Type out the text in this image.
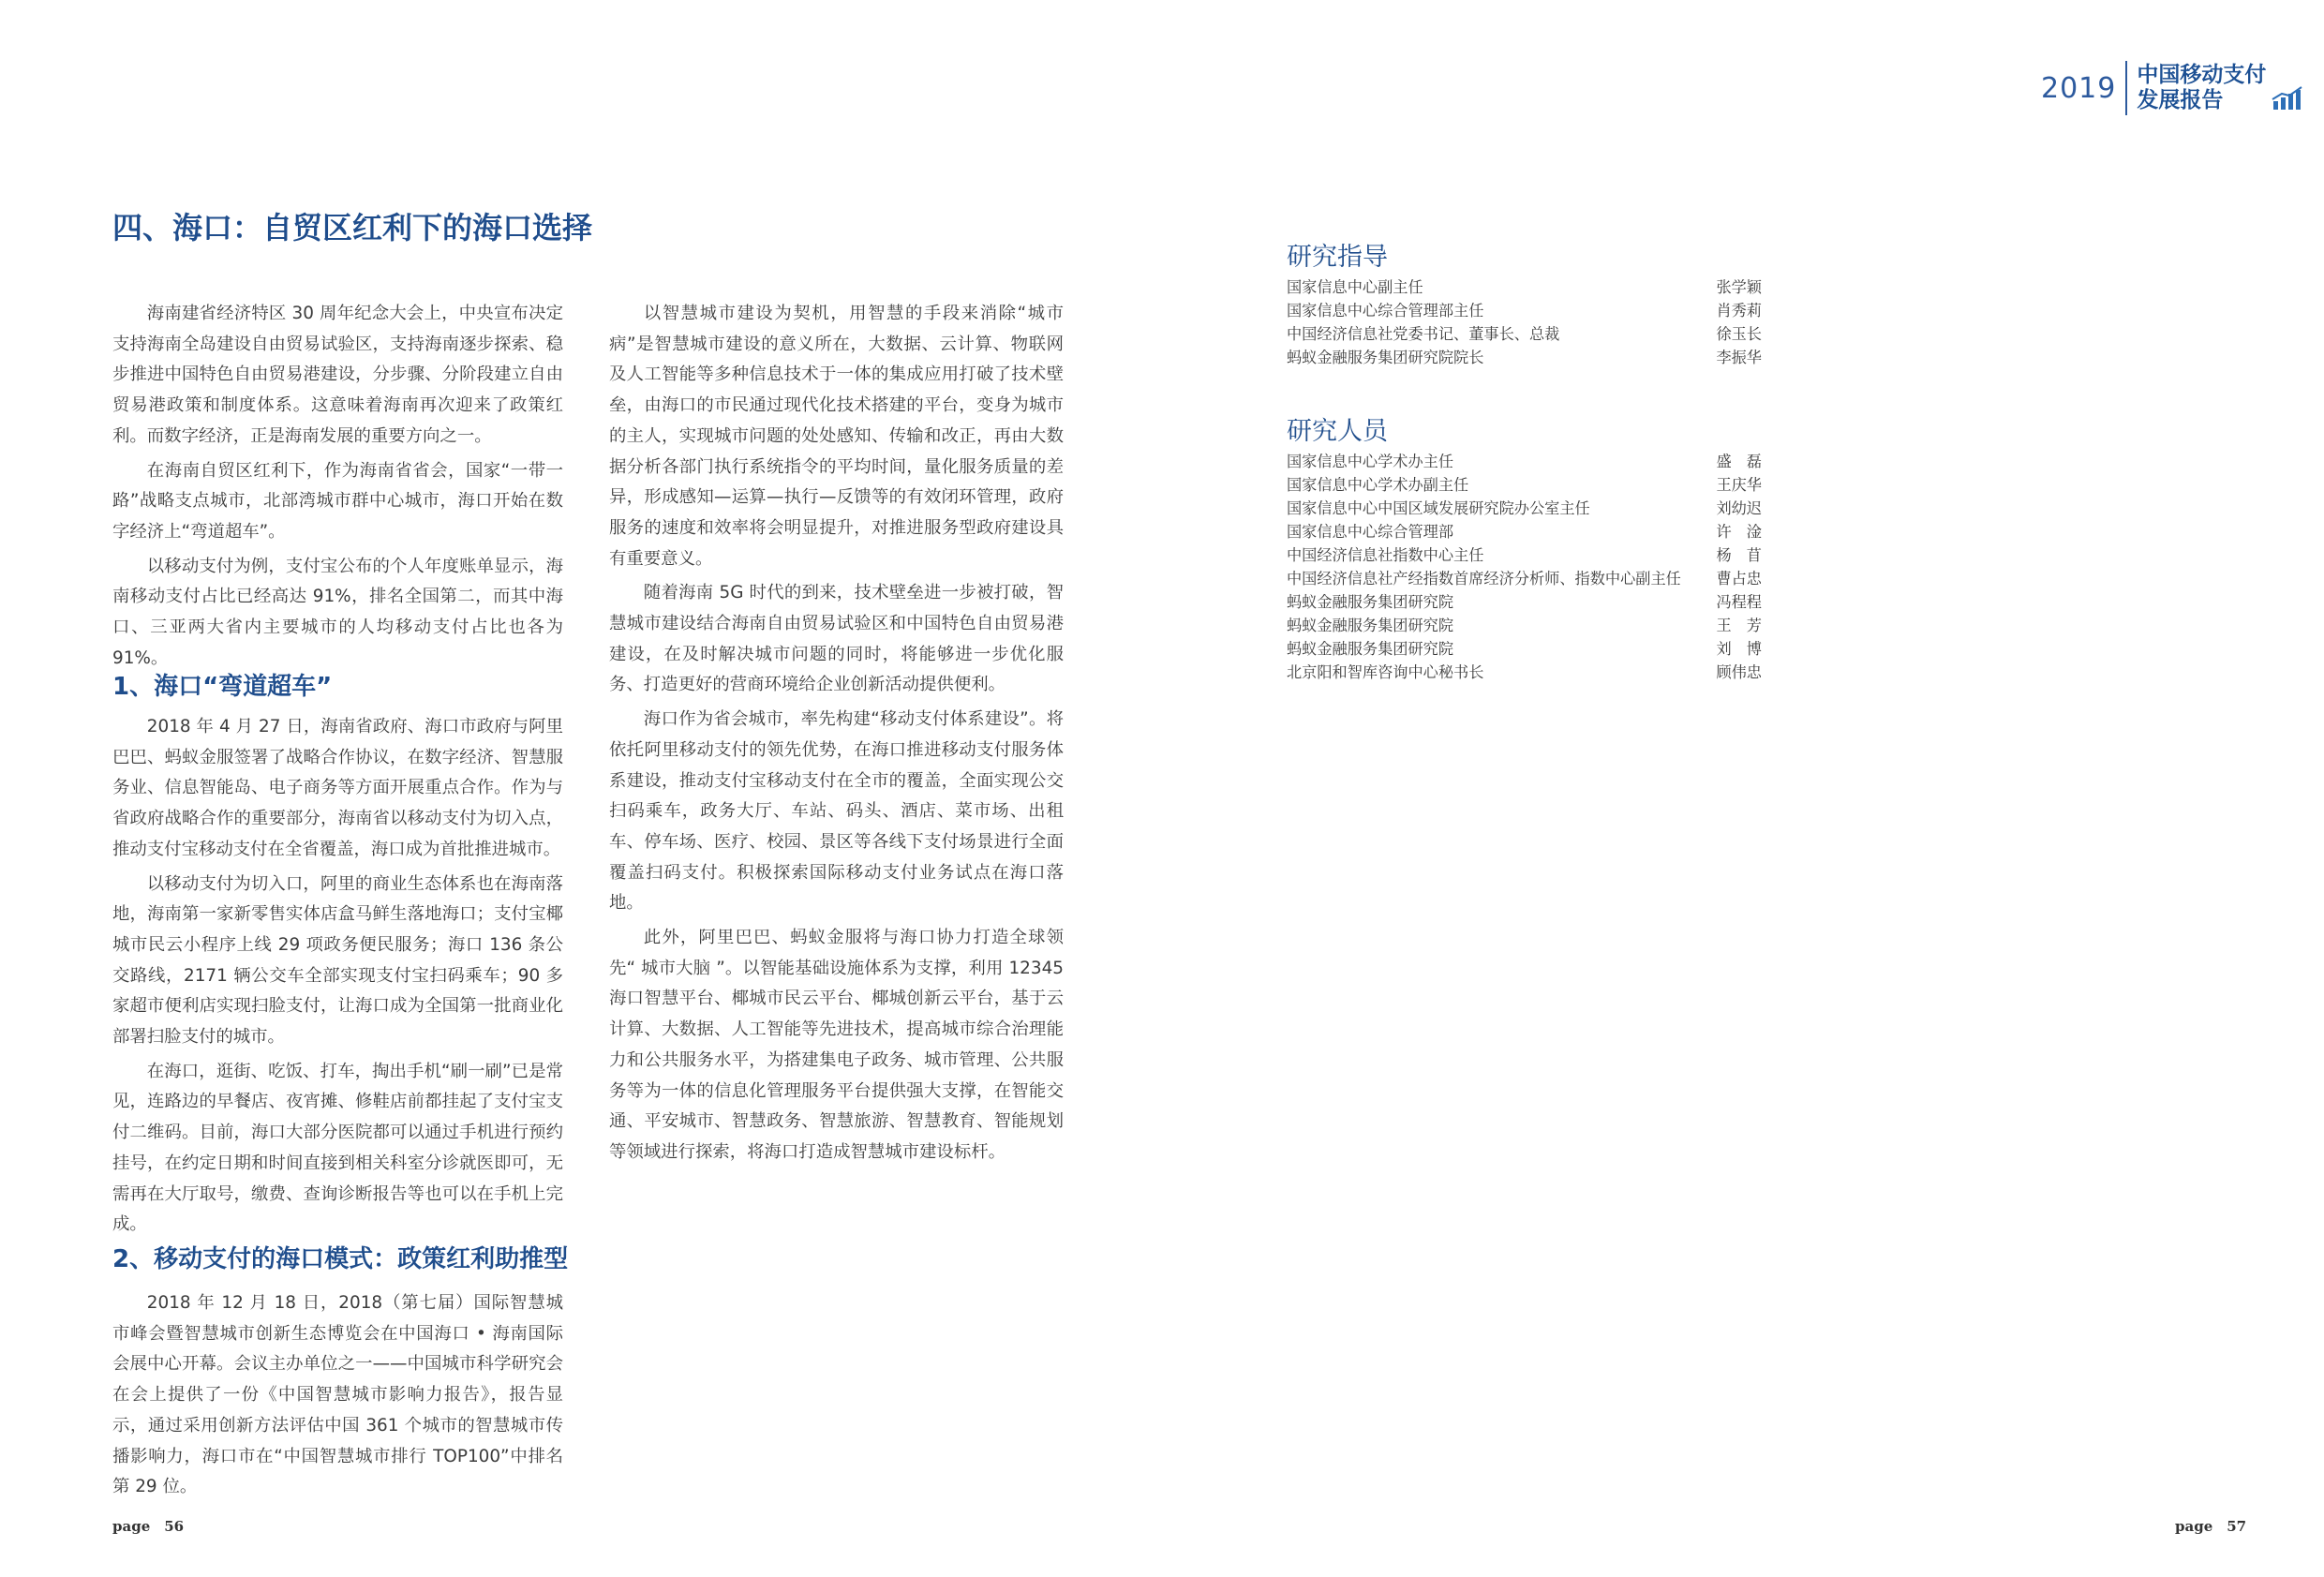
2019 中国移动支付
发展报告
四、海口：自贸区红利下的海口选择

海南建省经济特区 30 周年纪念大会上，中央宣布决定支持海南全岛建设自由贸易试验区，支持海南逐步探索、稳步推进中国特色自由贸易港建设，分步骤、分阶段建立自由贸易港政策和制度体系。这意味着海南再次迎来了政策红利。而数字经济，正是海南发展的重要方向之一。

在海南自贸区红利下，作为海南省省会，国家“一带一路”战略支点城市，北部湾城市群中心城市，海口开始在数字经济上“弯道超车”。

以移动支付为例，支付宝公布的个人年度账单显示，海南移动支付占比已经高达 91%，排名全国第二，而其中海口、三亚两大省内主要城市的人均移动支付占比也各为 91%。

1、海口“弯道超车”

2018 年 4 月 27 日，海南省政府、海口市政府与阿里巴巴、蚂蚁金服签署了战略合作协议，在数字经济、智慧服务业、信息智能岛、电子商务等方面开展重点合作。作为与省政府战略合作的重要部分，海南省以移动支付为切入点，推动支付宝移动支付在全省覆盖，海口成为首批推进城市。

以移动支付为切入口，阿里的商业生态体系也在海南落地，海南第一家新零售实体店盒马鲜生落地海口；支付宝椰城市民云小程序上线 29 项政务便民服务；海口 136 条公交路线，2171 辆公交车全部实现支付宝扫码乘车；90 多家超市便利店实现扫脸支付，让海口成为全国第一批商业化部署扫脸支付的城市。

在海口，逛街、吃饭、打车，掏出手机“刷一刷”已是常见，连路边的早餐店、夜宵摊、修鞋店前都挂起了支付宝支付二维码。目前，海口大部分医院都可以通过手机进行预约挂号，在约定日期和时间直接到相关科室分诊就医即可，无需再在大厅取号，缴费、查询诊断报告等也可以在手机上完成。

2、移动支付的海口模式：政策红利助推型

2018 年 12 月 18 日，2018（第七届）国际智慧城市峰会暨智慧城市创新生态博览会在中国海口 • 海南国际会展中心开幕。会议主办单位之一——中国城市科学研究会在会上提供了一份《中国智慧城市影响力报告》，报告显示，通过采用创新方法评估中国 361 个城市的智慧城市传播影响力，海口市在“中国智慧城市排行 TOP100”中排名第 29 位。

以智慧城市建设为契机，用智慧的手段来消除“城市病”是智慧城市建设的意义所在，大数据、云计算、物联网及人工智能等多种信息技术于一体的集成应用打破了技术壁垒，由海口的市民通过现代化技术搭建的平台，变身为城市的主人，实现城市问题的处处感知、传输和改正，再由大数据分析各部门执行系统指令的平均时间，量化服务质量的差异，形成感知—运算—执行—反馈等的有效闭环管理，政府服务的速度和效率将会明显提升，对推进服务型政府建设具有重要意义。

随着海南 5G 时代的到来，技术壁垒进一步被打破，智慧城市建设结合海南自由贸易试验区和中国特色自由贸易港建设，在及时解决城市问题的同时，将能够进一步优化服务、打造更好的营商环境给企业创新活动提供便利。

海口作为省会城市，率先构建“移动支付体系建设”。将依托阿里移动支付的领先优势，在海口推进移动支付服务体系建设，推动支付宝移动支付在全市的覆盖，全面实现公交扫码乘车，政务大厅、车站、码头、酒店、菜市场、出租车、停车场、医疗、校园、景区等各线下支付场景进行全面覆盖扫码支付。积极探索国际移动支付业务试点在海口落地。

此外，阿里巴巴、蚂蚁金服将与海口协力打造全球领先“ 城市大脑 ”。以智能基础设施体系为支撑，利用 12345 海口智慧平台、椰城市民云平台、椰城创新云平台，基于云计算、大数据、人工智能等先进技术，提高城市综合治理能力和公共服务水平，为搭建集电子政务、城市管理、公共服务等为一体的信息化管理服务平台提供强大支撑，在智能交通、平安城市、智慧政务、智慧旅游、智慧教育、智能规划等领域进行探索，将海口打造成智慧城市建设标杆。

研究指导
国家信息中心副主任	张学颖
国家信息中心综合管理部主任	肖秀莉
中国经济信息社党委书记、董事长、总裁	徐玉长
蚂蚁金融服务集团研究院院长	李振华
研究人员
国家信息中心学术办主任	盛　磊
国家信息中心学术办副主任	王庆华
国家信息中心中国区域发展研究院办公室主任	刘幼迟
国家信息中心综合管理部	许　淦
中国经济信息社指数中心主任	杨　苜
中国经济信息社产经指数首席经济分析师、指数中心副主任 曹占忠
蚂蚁金融服务集团研究院	冯程程
蚂蚁金融服务集团研究院	王　芳
蚂蚁金融服务集团研究院	刘　博
北京阳和智库咨询中心秘书长	顾伟忠
page　56	page　57
